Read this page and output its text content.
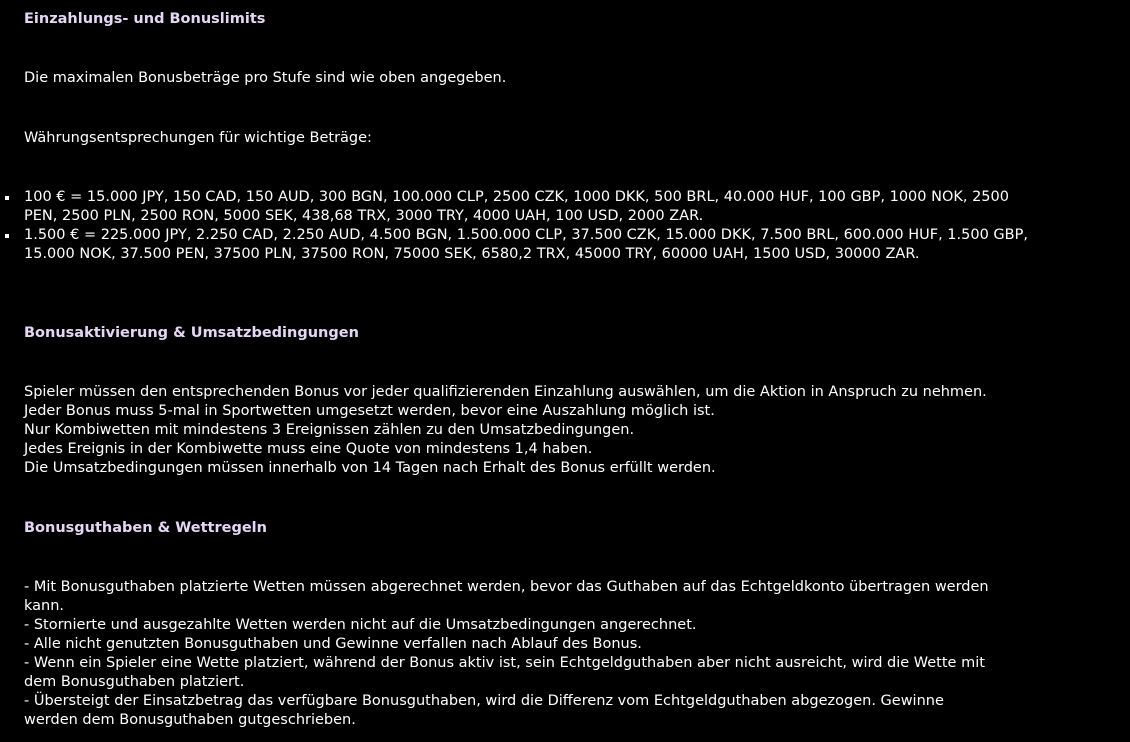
Einzahlungs- und Bonuslimits
Die maximalen Bonusbeträge pro Stufe sind wie oben angegeben.
Währungsentsprechungen für wichtige Beträge:
100 € = 15.000 JPY, 150 CAD, 150 AUD, 300 BGN, 100.000 CLP, 2500 CZK, 1000 DKK, 500 BRL, 40.000 HUF, 100 GBP, 1000 NOK, 2500
PEN, 2500 PLN, 2500 RON, 5000 SEK, 438,68 TRX, 3000 TRY, 4000 UAH, 100 USD, 2000 ZAR.
1.500 € = 225.000 JPY, 2.250 CAD, 2.250 AUD, 4.500 BGN, 1.500.000 CLP, 37.500 CZK, 15.000 DKK, 7.500 BRL, 600.000 HUF, 1.500 GBP,
15.000 NOK, 37.500 PEN, 37500 PLN, 37500 RON, 75000 SEK, 6580,2 TRX, 45000 TRY, 60000 UAH, 1500 USD, 30000 ZAR.
Bonusaktivierung & Umsatzbedingungen
Spieler müssen den entsprechenden Bonus vor jeder qualifizierenden Einzahlung auswählen, um die Aktion in Anspruch zu nehmen.
Jeder Bonus muss 5-mal in Sportwetten umgesetzt werden, bevor eine Auszahlung möglich ist.
Nur Kombiwetten mit mindestens 3 Ereignissen zählen zu den Umsatzbedingungen.
Jedes Ereignis in der Kombiwette muss eine Quote von mindestens 1,4 haben.
Die Umsatzbedingungen müssen innerhalb von 14 Tagen nach Erhalt des Bonus erfüllt werden.
Bonusguthaben & Wettregeln
- Mit Bonusguthaben platzierte Wetten müssen abgerechnet werden, bevor das Guthaben auf das Echtgeldkonto übertragen werden
kann.
- Stornierte und ausgezahlte Wetten werden nicht auf die Umsatzbedingungen angerechnet.
- Alle nicht genutzten Bonusguthaben und Gewinne verfallen nach Ablauf des Bonus.
- Wenn ein Spieler eine Wette platziert, während der Bonus aktiv ist, sein Echtgeldguthaben aber nicht ausreicht, wird die Wette mit
dem Bonusguthaben platziert.
- Übersteigt der Einsatzbetrag das verfügbare Bonusguthaben, wird die Differenz vom Echtgeldguthaben abgezogen. Gewinne
werden dem Bonusguthaben gutgeschrieben.
